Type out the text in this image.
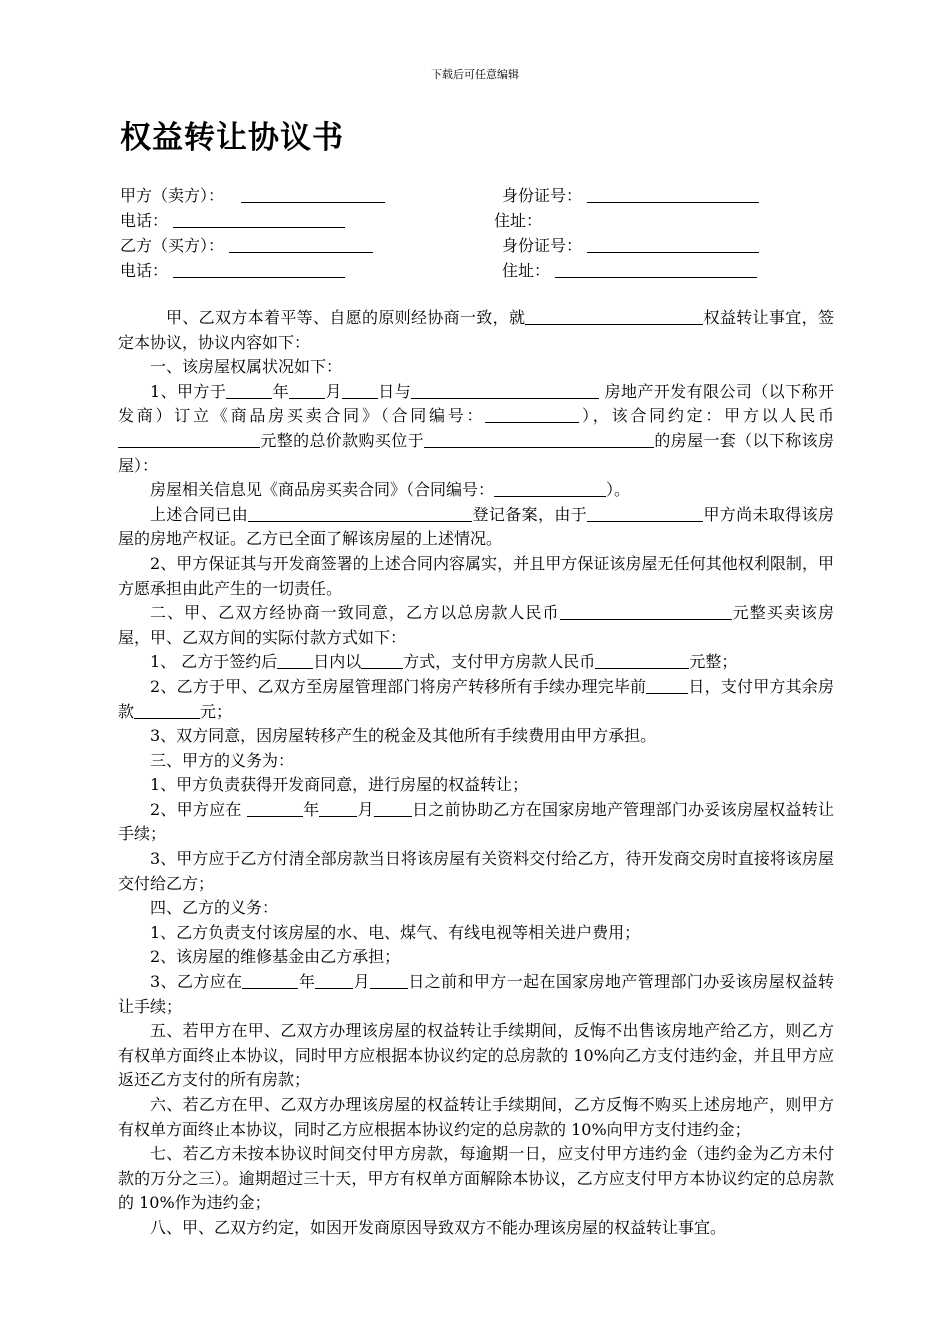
下载后可任意编辑
权益转让协议书
甲方（卖方）：	身份证号：
电话：	住址：
乙方（买方）：	身份证号：
电话：	住址：

甲、乙双方本着平等、自愿的原则经协商一致，就	权益转让事宜，签定本协议，协议内容如下：

一、该房屋权属状况如下：

1、甲方于	年 月 日与	房地产开发有限公司（以下称开发商）订立《商品房买卖合同》（合同编号：	），该合同约定：甲方以人民币元整的总价款购买位于	的房屋一套（以下称该房屋）：

房屋相关信息见《商品房买卖合同》（合同编号：	）。

上述合同已由	登记备案，由于	甲方尚未取得该房屋的房地产权证。乙方已全面了解该房屋的上述情况。

2、甲方保证其与开发商签署的上述合同内容属实，并且甲方保证该房屋无任何其他权利限制，甲方愿承担由此产生的一切责任。

二、甲、乙双方经协商一致同意，乙方以总房款人民币	元整买卖该房屋，甲、乙双方间的实际付款方式如下：

1、 乙方于签约后 日内以	方式，支付甲方房款人民币	元整；

2、乙方于甲、乙双方至房屋管理部门将房产转移所有手续办理完毕前	日，支付甲方其余房款	元；

3、双方同意，因房屋转移产生的税金及其他所有手续费用由甲方承担。

三、甲方的义务为：

1、甲方负责获得开发商同意，进行房屋的权益转让；

2、甲方应在	年 月 日之前协助乙方在国家房地产管理部门办妥该房屋权益转让手续；

3、甲方应于乙方付清全部房款当日将该房屋有关资料交付给乙方，待开发商交房时直接将该房屋交付给乙方；

四、乙方的义务：

1、乙方负责支付该房屋的水、电、煤气、有线电视等相关进户费用；

2、该房屋的维修基金由乙方承担；

3、乙方应在	年 月 日之前和甲方一起在国家房地产管理部门办妥该房屋权益转让手续；

五、若甲方在甲、乙双方办理该房屋的权益转让手续期间，反悔不出售该房地产给乙方，则乙方有权单方面终止本协议，同时甲方应根据本协议约定的总房款的 10%向乙方支付违约金，并且甲方应返还乙方支付的所有房款；

六、若乙方在甲、乙双方办理该房屋的权益转让手续期间，乙方反悔不购买上述房地产，则甲方有权单方面终止本协议，同时乙方应根据本协议约定的总房款的 10%向甲方支付违约金；

七、若乙方未按本协议时间交付甲方房款，每逾期一日，应支付甲方违约金（违约金为乙方未付款的万分之三）。逾期超过三十天，甲方有权单方面解除本协议，乙方应支付甲方本协议约定的总房款的 10%作为违约金；

八、甲、乙双方约定，如因开发商原因导致双方不能办理该房屋的权益转让事宜。
